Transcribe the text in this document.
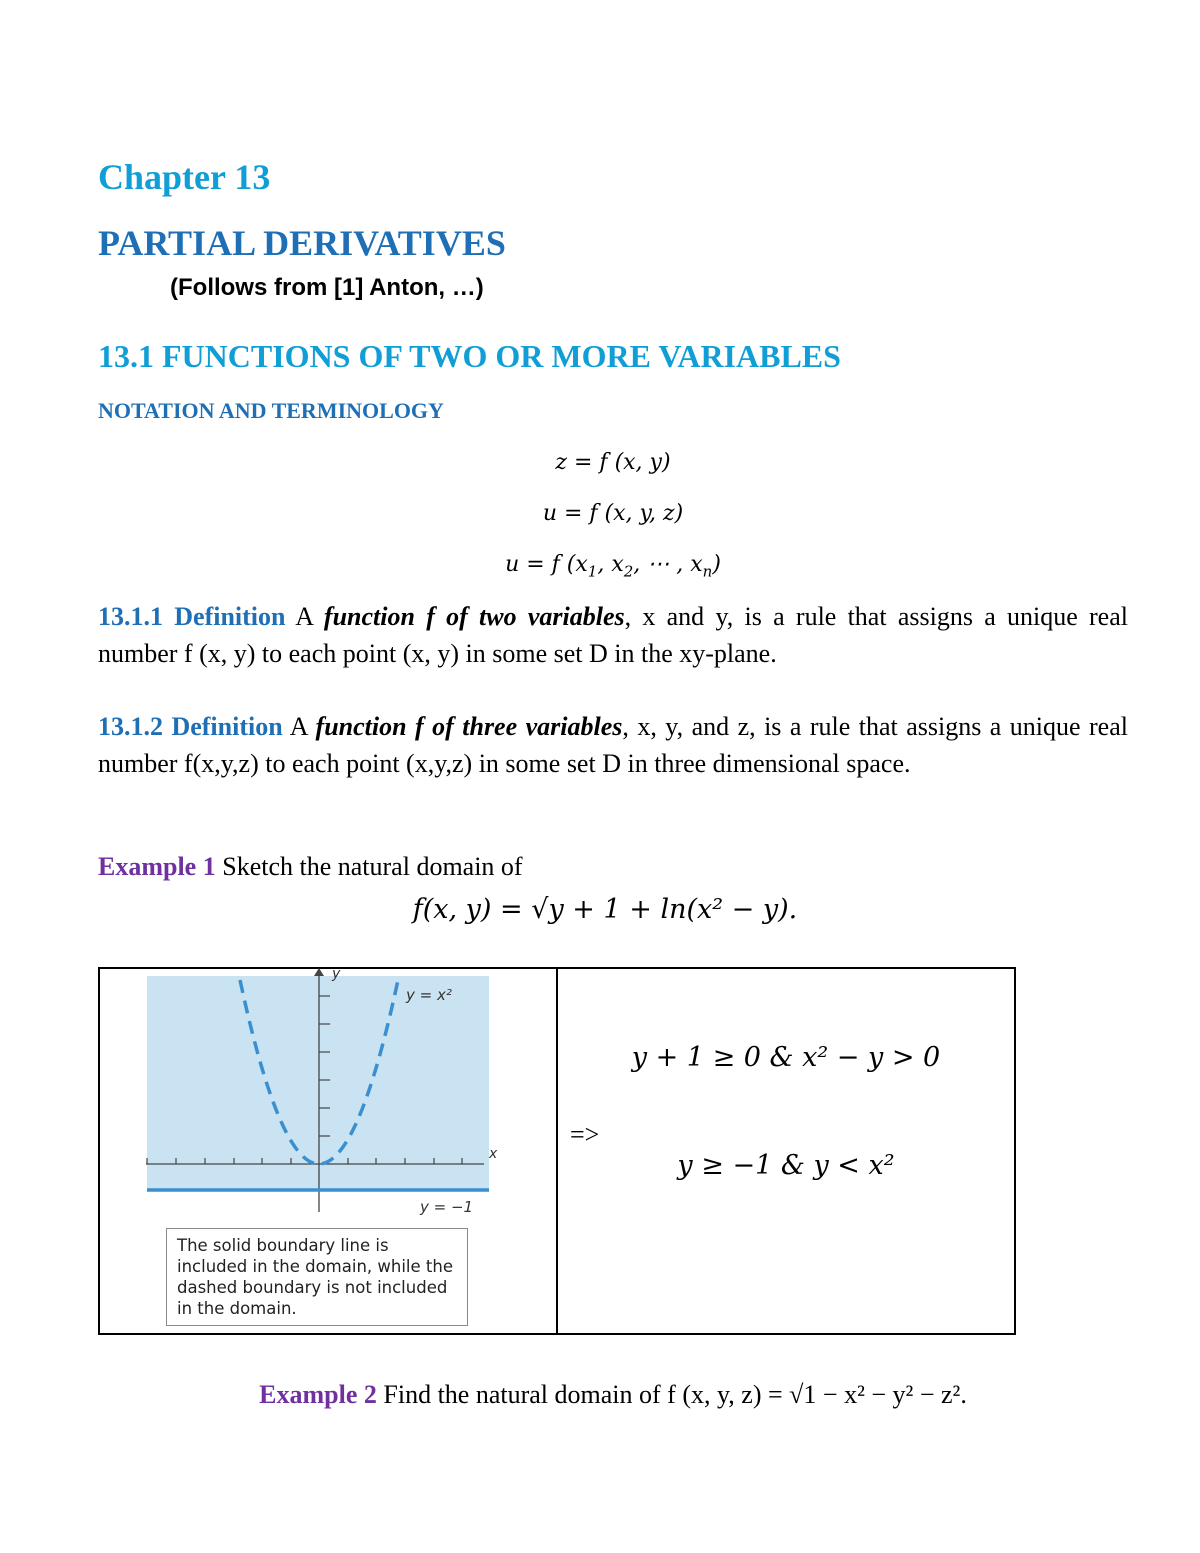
Chapter 13
PARTIAL DERIVATIVES
(Follows from [1] Anton, …)
13.1 FUNCTIONS OF TWO OR MORE VARIABLES
NOTATION AND TERMINOLOGY
z = f (x, y)
u = f (x, y, z)
u = f ($x_1$, $x_2$, ⋯ , $x_n$)
13.1.1 Definition A function f of two variables, x and y, is a rule that assigns a unique real number f (x, y) to each point (x, y) in some set D in the xy-plane.
13.1.2 Definition A function f of three variables, x, y, and z, is a rule that assigns a unique real number f(x,y,z) to each point (x,y,z) in some set D in three dimensional space.
Example 1 Sketch the natural domain of
f(x, y) = √y + 1 + ln(x² − y).
y = x²
y = −1
x
y
The solid boundary line is included in the domain, while the dashed boundary is not included in the domain.
y + 1 ≥ 0 & x² − y > 0
=>
y ≥ −1 & y < x²
Example 2 Find the natural domain of f (x, y, z) = √1 − x² − y² − z².
